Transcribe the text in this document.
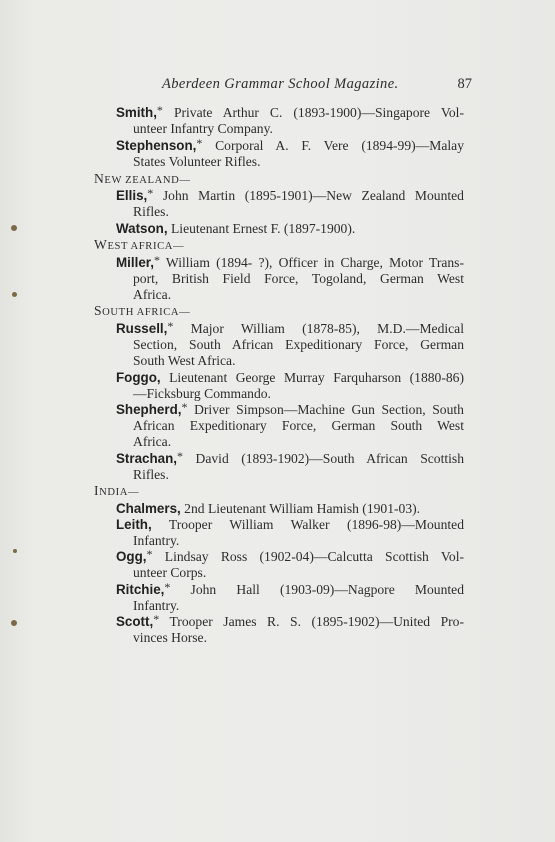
Aberdeen Grammar School Magazine.	87
Smith,* Private Arthur C. (1893-1900)—Singapore Vol-
unteer Infantry Company.
Stephenson,* Corporal A. F. Vere (1894-99)—Malay
States Volunteer Rifles.
NEW ZEALAND—
Ellis,* John Martin (1895-1901)—New Zealand Mounted
Rifles.
Watson, Lieutenant Ernest F. (1897-1900).
WEST AFRICA—
Miller,* William (1894- ?), Officer in Charge, Motor Trans-
port, British Field Force, Togoland, German West
Africa.
SOUTH AFRICA—
Russell,* Major William (1878-85), M.D.—Medical
Section, South African Expeditionary Force, German
South West Africa.
Foggo, Lieutenant George Murray Farquharson (1880-86)
—Ficksburg Commando.
Shepherd,* Driver Simpson—Machine Gun Section, South
African Expeditionary Force, German South West
Africa.
Strachan,* David (1893-1902)—South African Scottish
Rifles.
INDIA—
Chalmers, 2nd Lieutenant William Hamish (1901-03).
Leith, Trooper William Walker (1896-98)—Mounted
Infantry.
Ogg,* Lindsay Ross (1902-04)—Calcutta Scottish Vol-
unteer Corps.
Ritchie,* John Hall (1903-09)—Nagpore Mounted
Infantry.
Scott,* Trooper James R. S. (1895-1902)—United Pro-
vinces Horse.
